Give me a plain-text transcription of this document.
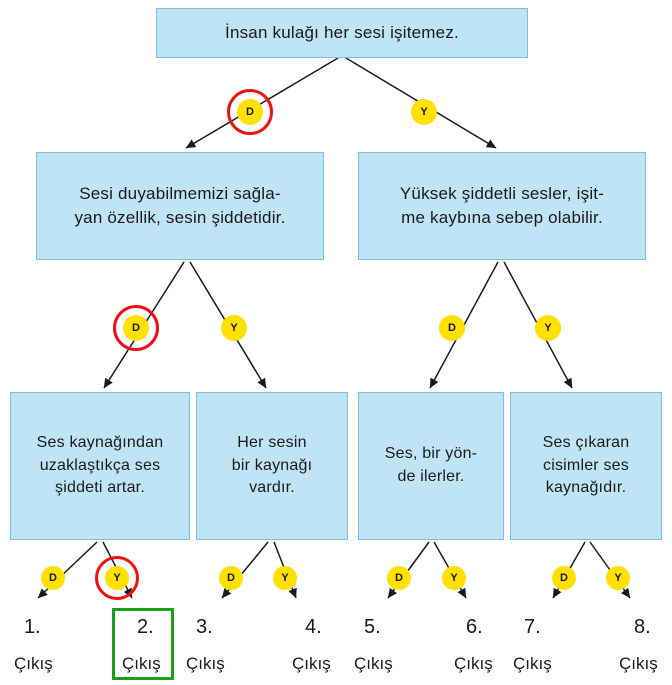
İnsan kulağı her sesi işitemez.
Sesi duyabilmemizi sağla-
yan özellik, sesin şiddetidir.
Yüksek şiddetli sesler, işit-
me kaybına sebep olabilir.
Ses kaynağından
uzaklaştıkça ses
şiddeti artar.
Her sesin
bir kaynağı
vardır.
Ses, bir yön-
de ilerler.
Ses çıkaran
cisimler ses
kaynağıdır.
D	Y
D	Y	D	Y
D	Y	D	Y	D	Y	D	Y
1.
Çıkış
2.
Çıkış
3.
Çıkış
4.
Çıkış
5.
Çıkış
6.
Çıkış
7.
Çıkış
8.
Çıkış
